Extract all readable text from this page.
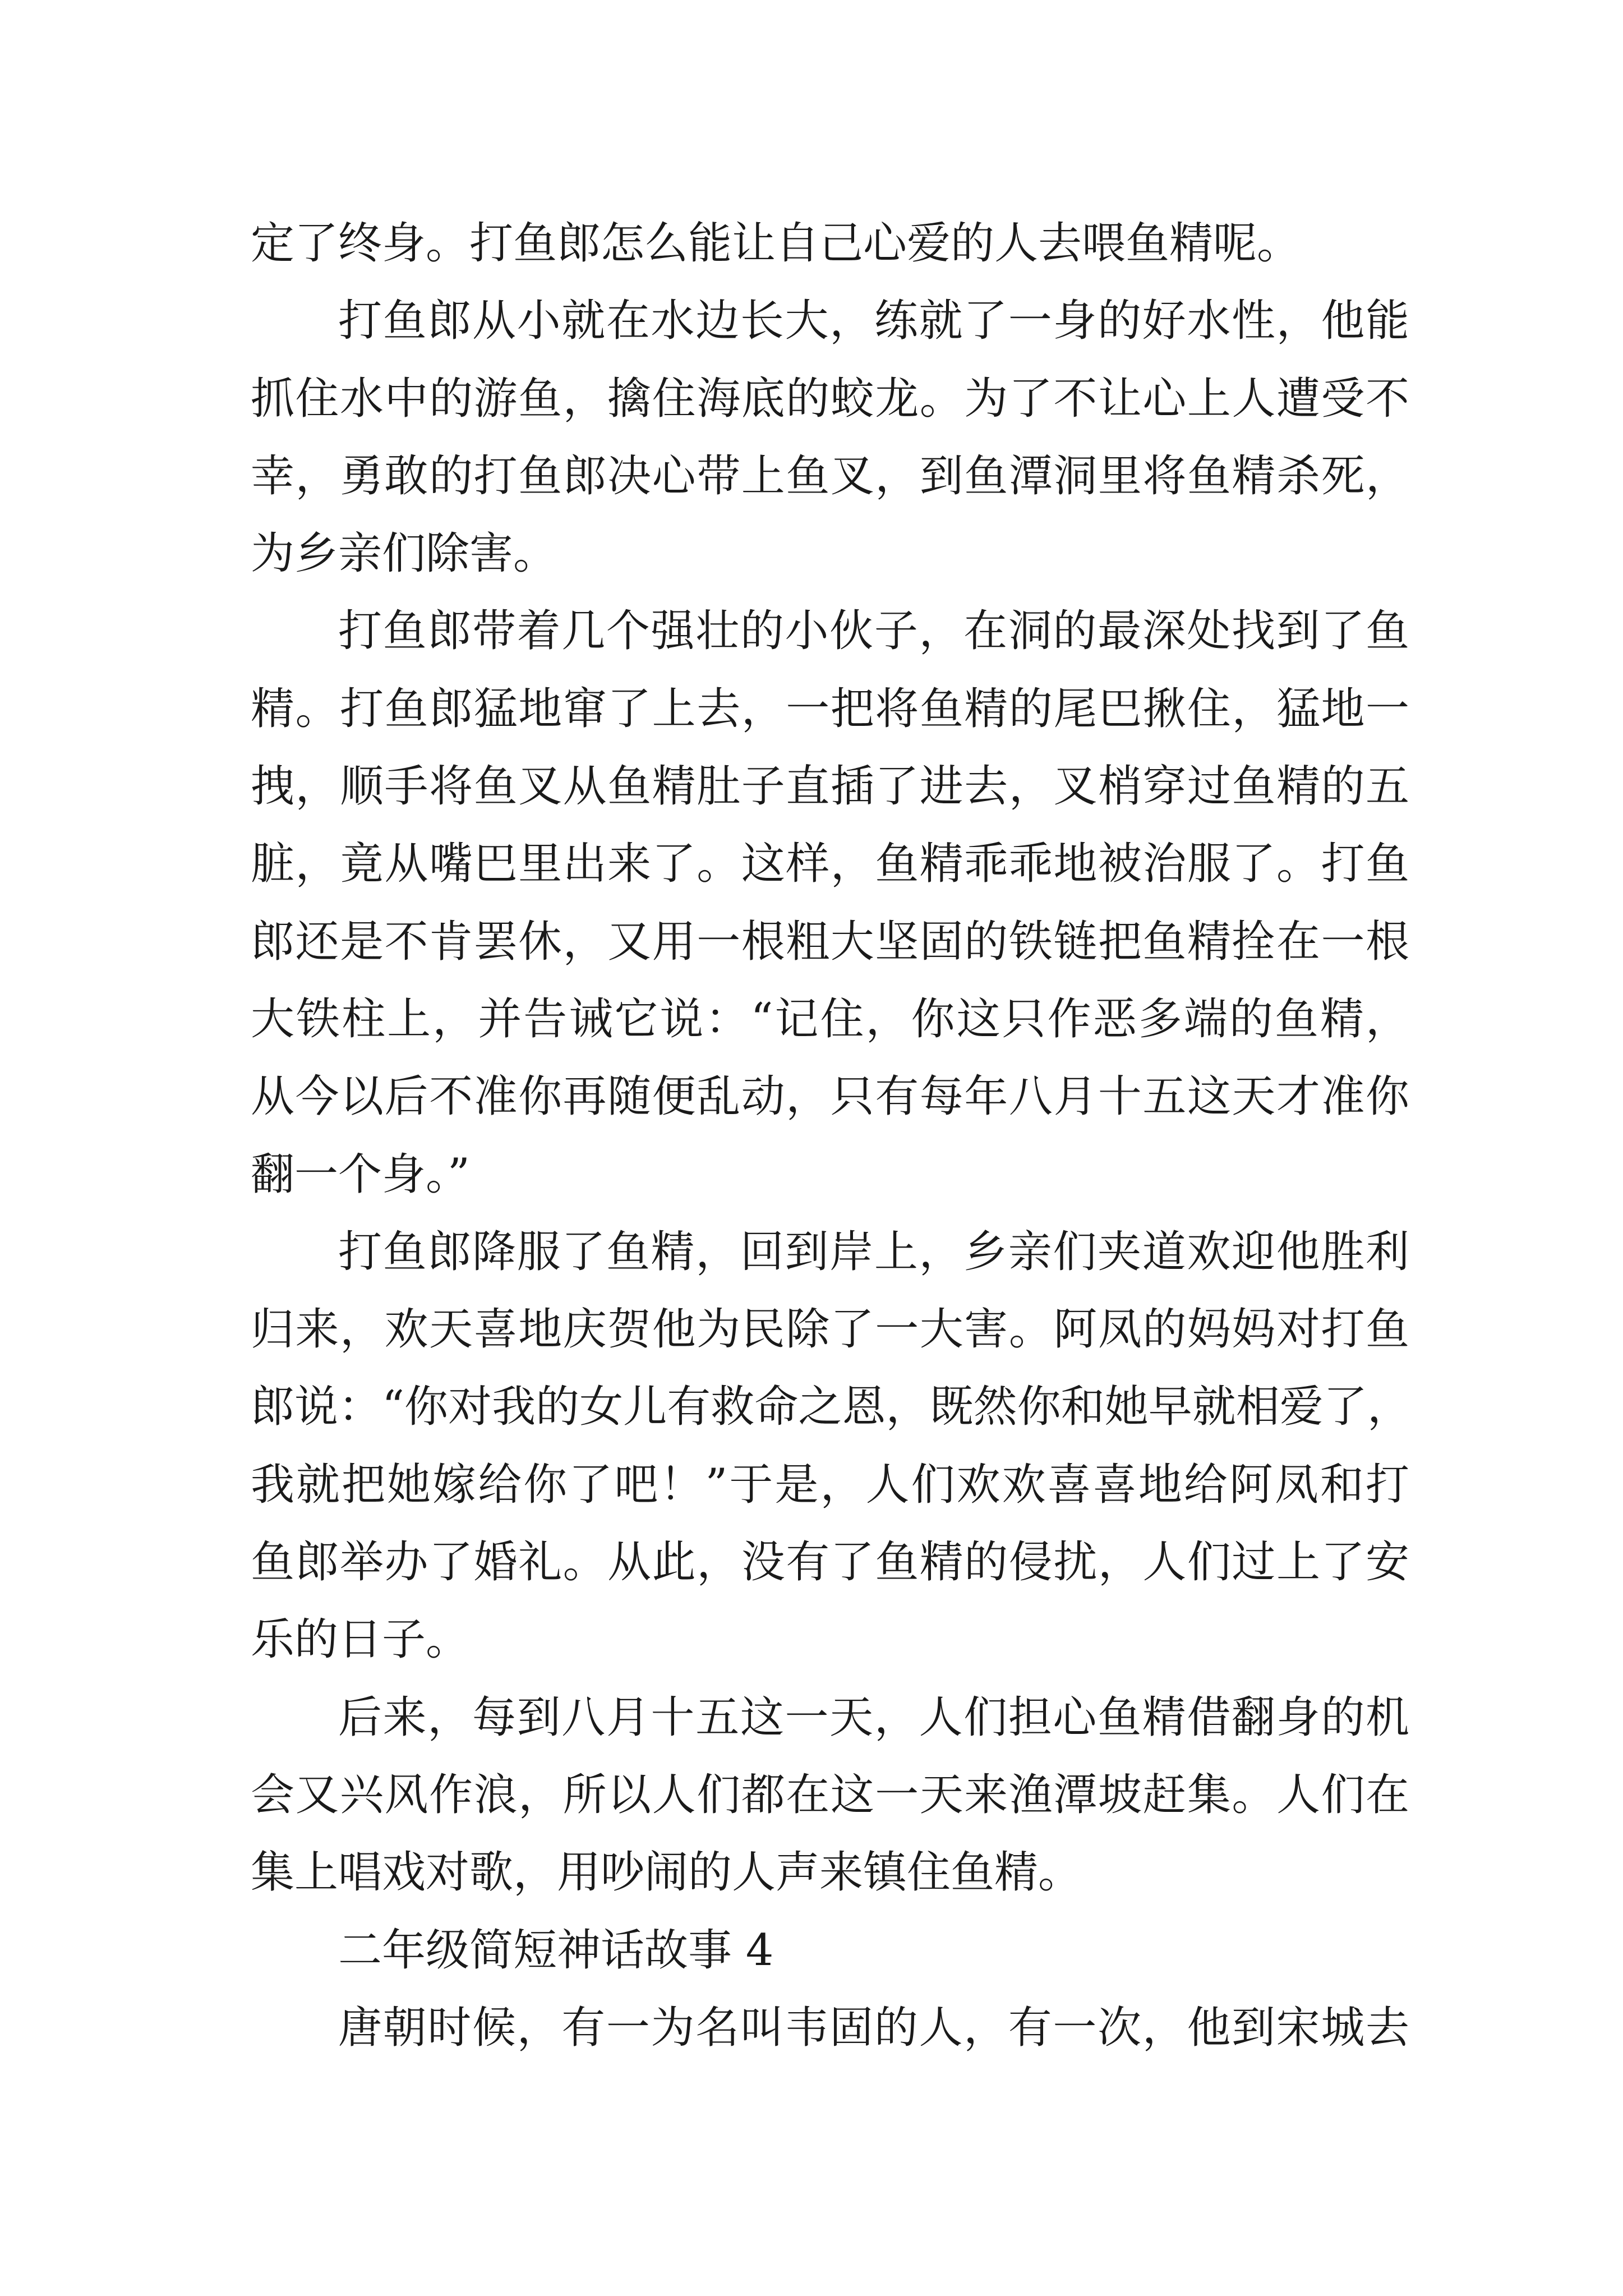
定了终身。打鱼郎怎么能让自己心爱的人去喂鱼精呢。
打鱼郎从小就在水边长大，练就了一身的好水性，他能
抓住水中的游鱼，擒住海底的蛟龙。为了不让心上人遭受不
幸，勇敢的打鱼郎决心带上鱼叉，到鱼潭洞里将鱼精杀死，
为乡亲们除害。
打鱼郎带着几个强壮的小伙子，在洞的最深处找到了鱼
精。打鱼郎猛地窜了上去，一把将鱼精的尾巴揪住，猛地一
拽，顺手将鱼叉从鱼精肚子直插了进去，叉梢穿过鱼精的五
脏，竟从嘴巴里出来了。这样，鱼精乖乖地被治服了。打鱼
郎还是不肯罢休，又用一根粗大坚固的铁链把鱼精拴在一根
大铁柱上，并告诫它说：“记住，你这只作恶多端的鱼精，
从今以后不准你再随便乱动，只有每年八月十五这天才准你
翻一个身。”
打鱼郎降服了鱼精，回到岸上，乡亲们夹道欢迎他胜利
归来，欢天喜地庆贺他为民除了一大害。阿凤的妈妈对打鱼
郎说：“你对我的女儿有救命之恩，既然你和她早就相爱了，
我就把她嫁给你了吧！”于是，人们欢欢喜喜地给阿凤和打
鱼郎举办了婚礼。从此，没有了鱼精的侵扰，人们过上了安
乐的日子。
后来，每到八月十五这一天，人们担心鱼精借翻身的机
会又兴风作浪，所以人们都在这一天来渔潭坡赶集。人们在
集上唱戏对歌，用吵闹的人声来镇住鱼精。
二年级简短神话故事 4
唐朝时候，有一为名叫韦固的人，有一次，他到宋城去
